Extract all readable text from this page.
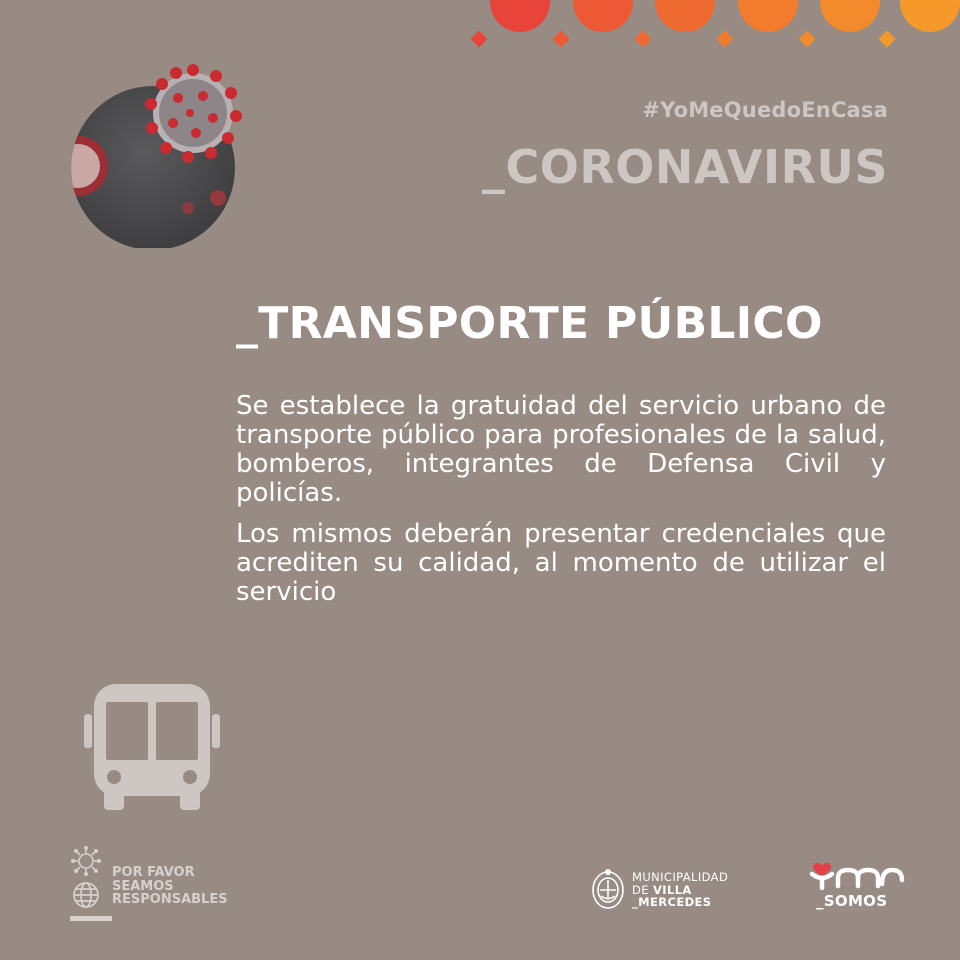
#YoMeQuedoEnCasa
_CORONAVIRUS
_TRANSPORTE PÚBLICO

Se establece la gratuidad del servicio urbano de transporte público para profesionales de la salud, bomberos, integrantes de Defensa Civil y policías.

Los mismos deberán presentar credenciales que acrediten su calidad, al momento de utilizar el servicio

POR FAVOR
SEAMOS
RESPONSABLES
MUNICIPALIDAD
DE VILLA
_MERCEDES	_SOMOS
